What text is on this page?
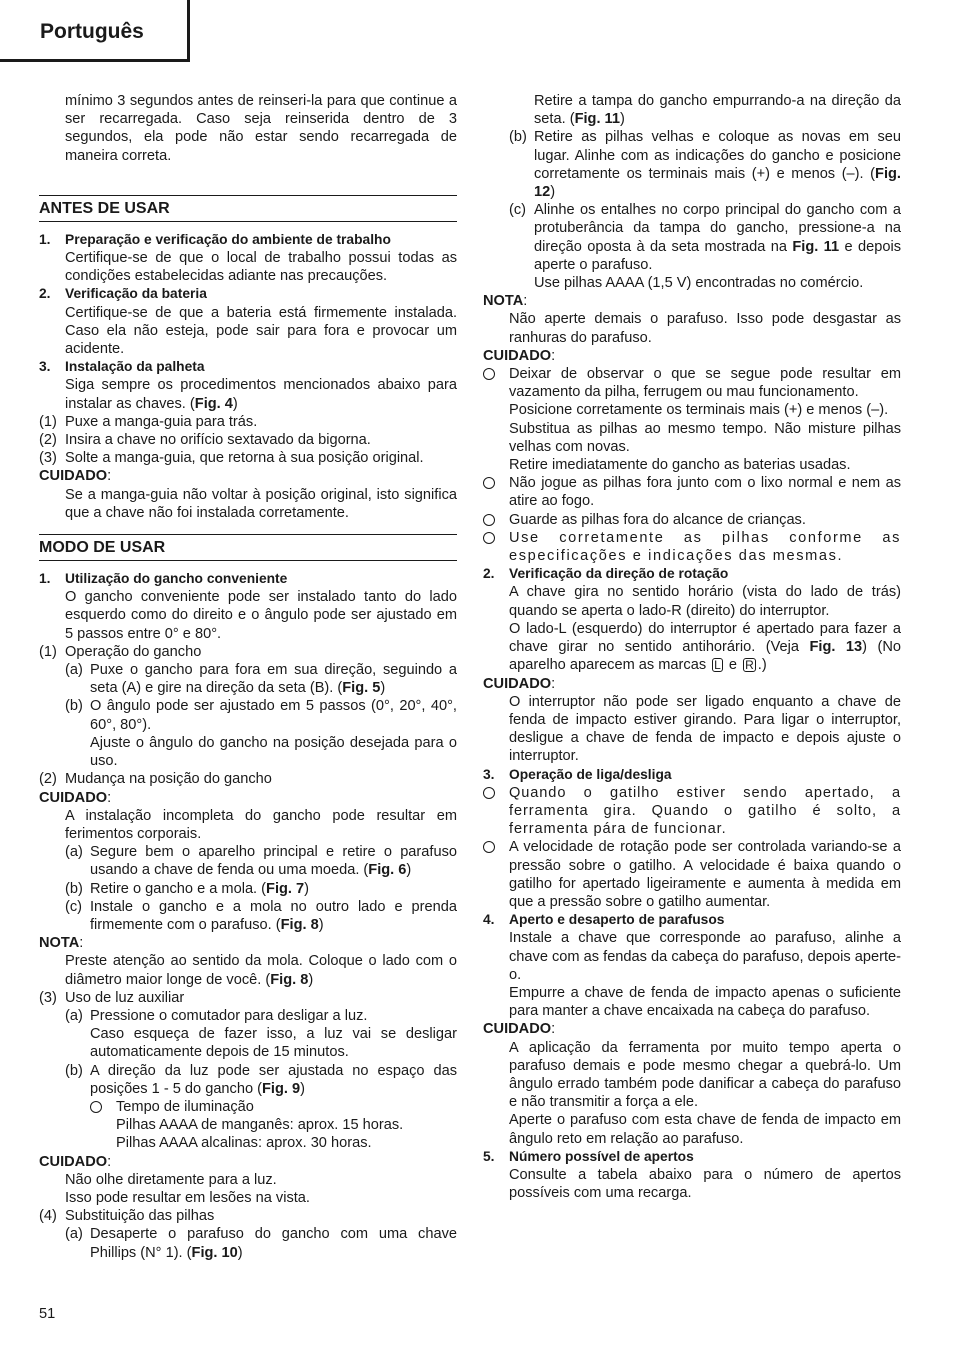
Português

mínimo 3 segundos antes de reinseri-la para que continue a ser recarregada. Caso seja reinserida dentro de 3 segundos, ela pode não estar sendo recarregada de maneira correta.

ANTES DE USAR
1.	Preparação e verificação do ambiente de trabalho

Certifique-se de que o local de trabalho possui todas as condições estabelecidas adiante nas precauções.

2.	Verificação da bateria

Certifique-se de que a bateria está firmemente instalada. Caso ela não esteja, pode sair para fora e provocar um acidente.

3.	Instalação da palheta

Siga sempre os procedimentos mencionados abaixo para instalar as chaves. (Fig. 4)

(1) Puxe a manga-guia para trás.

(2) Insira a chave no orifício sextavado da bigorna.

(3) Solte a manga-guia, que retorna à sua posição original.

CUIDADO:

Se a manga-guia não voltar à posição original, isto significa que a chave não foi instalada corretamente.

MODO DE USAR
1.	Utilização do gancho conveniente

O gancho conveniente pode ser instalado tanto do lado esquerdo como do direito e o ângulo pode ser ajustado em 5 passos entre 0° e 80°.

(1) Operação do gancho

(a) Puxe o gancho para fora em sua direção, seguindo a seta (A) e gire na direção da seta (B). (Fig. 5)

(b) O ângulo pode ser ajustado em 5 passos (0°, 20°, 40°, 60°, 80°).

Ajuste o ângulo do gancho na posição desejada para o uso.

(2) Mudança na posição do gancho

CUIDADO:

A instalação incompleta do gancho pode resultar em ferimentos corporais.

(a) Segure bem o aparelho principal e retire o parafuso usando a chave de fenda ou uma moeda. (Fig. 6)

(b) Retire o gancho e a mola. (Fig. 7)

(c) Instale o gancho e a mola no outro lado e prenda firmemente com o parafuso. (Fig. 8)

NOTA:

Preste atenção ao sentido da mola. Coloque o lado com o diâmetro maior longe de você. (Fig. 8)

(3) Uso de luz auxiliar

(a) Pressione o comutador para desligar a luz.

Caso esqueça de fazer isso, a luz vai se desligar automaticamente depois de 15 minutos.

(b) A direção da luz pode ser ajustada no espaço das posições 1 - 5 do gancho (Fig. 9)

Tempo de iluminação

Pilhas AAAA de manganês: aprox. 15 horas.

Pilhas AAAA alcalinas: aprox. 30 horas.

CUIDADO:

Não olhe diretamente para a luz.

Isso pode resultar em lesões na vista.

(4) Substituição das pilhas

(a) Desaperte o parafuso do gancho com uma chave Phillips (N° 1). (Fig. 10)

Retire a tampa do gancho empurrando-a na direção da seta. (Fig. 11)

(b) Retire as pilhas velhas e coloque as novas em seu lugar. Alinhe com as indicações do gancho e posicione corretamente os terminais mais (+) e menos (–). (Fig. 12)

(c) Alinhe os entalhes no corpo principal do gancho com a protuberância da tampa do gancho, pressione-a na direção oposta à da seta mostrada na Fig. 11 e depois aperte o parafuso.

Use pilhas AAAA (1,5 V) encontradas no comércio.

NOTA:

Não aperte demais o parafuso. Isso pode desgastar as ranhuras do parafuso.

CUIDADO:

Deixar de observar o que se segue pode resultar em vazamento da pilha, ferrugem ou mau funcionamento.

Posicione corretamente os terminais mais (+) e menos (–).

Substitua as pilhas ao mesmo tempo. Não misture pilhas velhas com novas.

Retire imediatamente do gancho as baterias usadas.

Não jogue as pilhas fora junto com o lixo normal e nem as atire ao fogo.

Guarde as pilhas fora do alcance de crianças.

Use corretamente as pilhas conforme as especificações e indicações das mesmas.

2.	Verificação da direção de rotação

A chave gira no sentido horário (vista do lado de trás) quando se aperta o lado-R (direito) do interruptor.

O lado-L (esquerdo) do interruptor é apertado para fazer a chave girar no sentido antihorário. (Veja Fig. 13) (No aparelho aparecem as marcas L e R .)

CUIDADO:

O interruptor não pode ser ligado enquanto a chave de fenda de impacto estiver girando. Para ligar o interruptor, desligue a chave de fenda de impacto e depois ajuste o interruptor.

3.	Operação de liga/desliga

Quando o gatilho estiver sendo apertado, a ferramenta gira. Quando o gatilho é solto, a ferramenta pára de funcionar.

A velocidade de rotação pode ser controlada variando-se a pressão sobre o gatilho. A velocidade é baixa quando o gatilho for apertado ligeiramente e aumenta à medida em que a pressão sobre o gatilho aumentar.

4.	Aperto e desaperto de parafusos

Instale a chave que corresponde ao parafuso, alinhe a chave com as fendas da cabeça do parafuso, depois aperte-o.

Empurre a chave de fenda de impacto apenas o suficiente para manter a chave encaixada na cabeça do parafuso.

CUIDADO:

A aplicação da ferramenta por muito tempo aperta o parafuso demais e pode mesmo chegar a quebrá-lo. Um ângulo errado também pode danificar a cabeça do parafuso e não transmitir a força a ele.

Aperte o parafuso com esta chave de fenda de impacto em ângulo reto em relação ao parafuso.

5.	Número possível de apertos

Consulte a tabela abaixo para o número de apertos possíveis com uma recarga.

51
